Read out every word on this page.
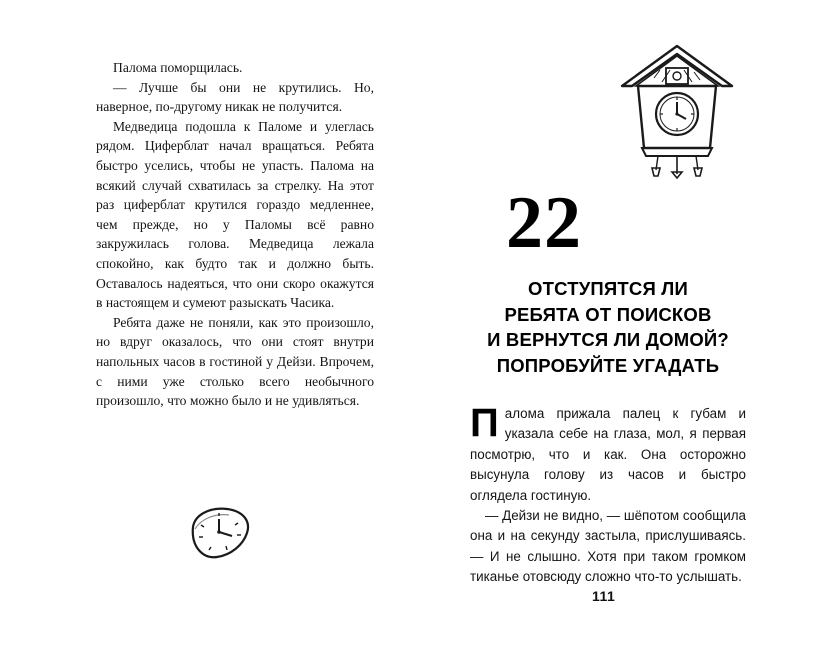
Палома поморщилась.

— Лучше бы они не крутились. Но, наверное, по-другому никак не получится.

Медведица подошла к Паломе и улеглась рядом. Циферблат начал вращаться. Ребята быстро уселись, чтобы не упасть. Палома на всякий случай схватилась за стрелку. На этот раз циферблат крутился гораздо медленнее, чем прежде, но у Паломы всё равно закружилась голова. Медведица лежала спокойно, как будто так и должно быть. Оставалось надеяться, что они скоро окажутся в настоящем и сумеют разыскать Часика.

Ребята даже не поняли, как это произошло, но вдруг оказалось, что они стоят внутри напольных часов в гостиной у Дейзи. Впрочем, с ними уже столько всего необычного произошло, что можно было и не удивляться.

22
ОТСТУПЯТСЯ ЛИ
РЕБЯТА ОТ ПОИСКОВ
И ВЕРНУТСЯ ЛИ ДОМОЙ?
ПОПРОБУЙТЕ УГАДАТЬ

П алома прижала палец к губам и указала себе на глаза, мол, я первая посмотрю, что и как. Она осторожно высунула голову из часов и быстро оглядела гостиную.

— Дейзи не видно, — шёпотом сообщила она и на секунду застыла, прислушиваясь. — И не слышно. Хотя при таком громком тиканье отовсюду сложно что-то услышать.

111
